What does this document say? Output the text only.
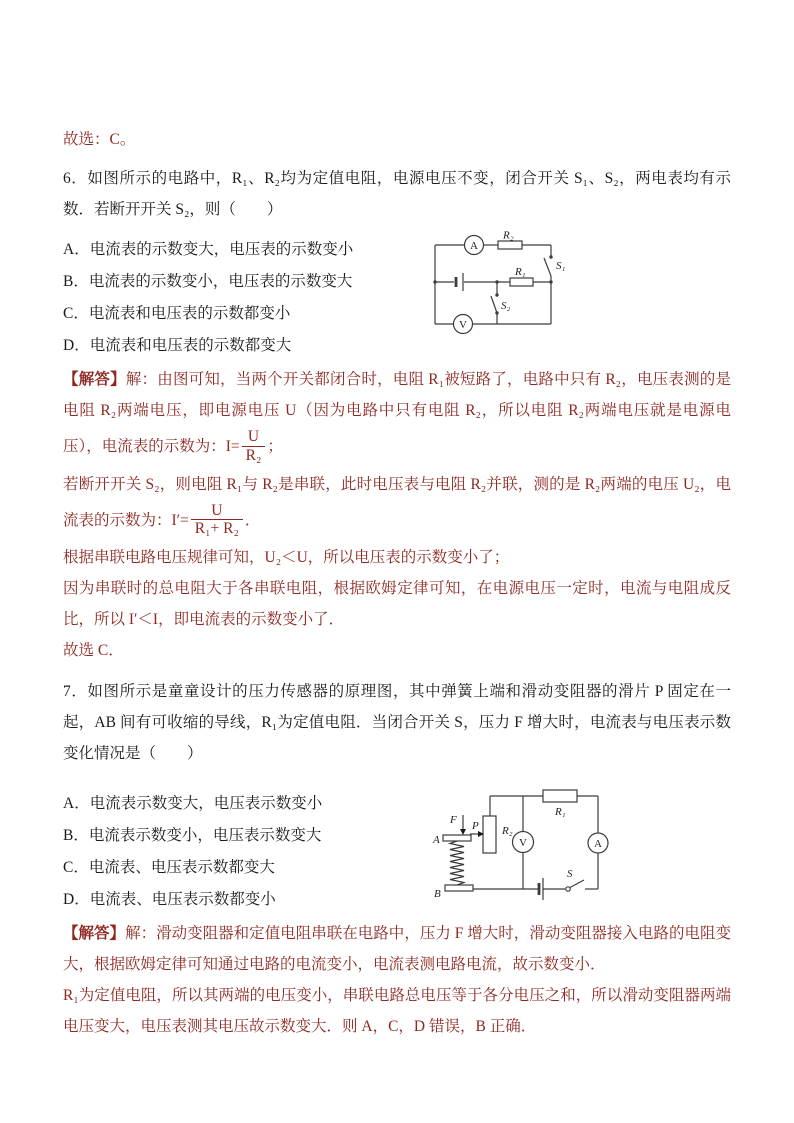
故选：C。

6．如图所示的电路中，R₁、R₂均为定值电阻，电源电压不变，闭合开关 S₁、S₂，两电表均有示数．若断开开关 S₂，则（　　）

A．电流表的示数变大，电压表的示数变小
B．电流表的示数变小，电压表的示数变大
C．电流表和电压表的示数都变小
D．电流表和电压表的示数都变大
A
R₂
S₁
R₁
S₂
V

【解答】解：由图可知，当两个开关都闭合时，电阻 R₁被短路了，电路中只有 R₂，电压表测的是电阻 R₂两端电压，即电源电压 U（因为电路中只有电阻 R₂，所以电阻 R₂两端电压就是电源电压），电流表的示数为：$I= \frac{U}{\text{R₂}}$ ；

若断开开关 S₂，则电阻 R₁与 R₂是串联，此时电压表与电阻 R₂并联，测的是 R₂两端的电压 U₂，电流表的示数为：$I'= \frac{U}{\text{R₁+ R₂}}$ ．

根据串联电路电压规律可知，U₂＜U，所以电压表的示数变小了；

因为串联时的总电阻大于各串联电阻，根据欧姆定律可知，在电源电压一定时，电流与电阻成反比，所以 I′＜I，即电流表的示数变小了．

故选 C．

7．如图所示是童童设计的压力传感器的原理图，其中弹簧上端和滑动变阻器的滑片 P 固定在一起，AB 间有可收缩的导线，R₁为定值电阻．当闭合开关 S，压力 F 增大时，电流表与电压表示数变化情况是（　　）

A．电流表示数变大，电压表示数变小
B．电流表示数变小，电压表示数变大
C．电流表、电压表示数都变大
D．电流表、电压表示数都变小
R₁
R₂
F P
A
B
V	A
S

【解答】解：滑动变阻器和定值电阻串联在电路中，压力 F 增大时，滑动变阻器接入电路的电阻变大，根据欧姆定律可知通过电路的电流变小，电流表测电路电流，故示数变小．

R₁为定值电阻，所以其两端的电压变小，串联电路总电压等于各分电压之和，所以滑动变阻器两端电压变大，电压表测其电压故示数变大．则 A，C，D 错误，B 正确．
